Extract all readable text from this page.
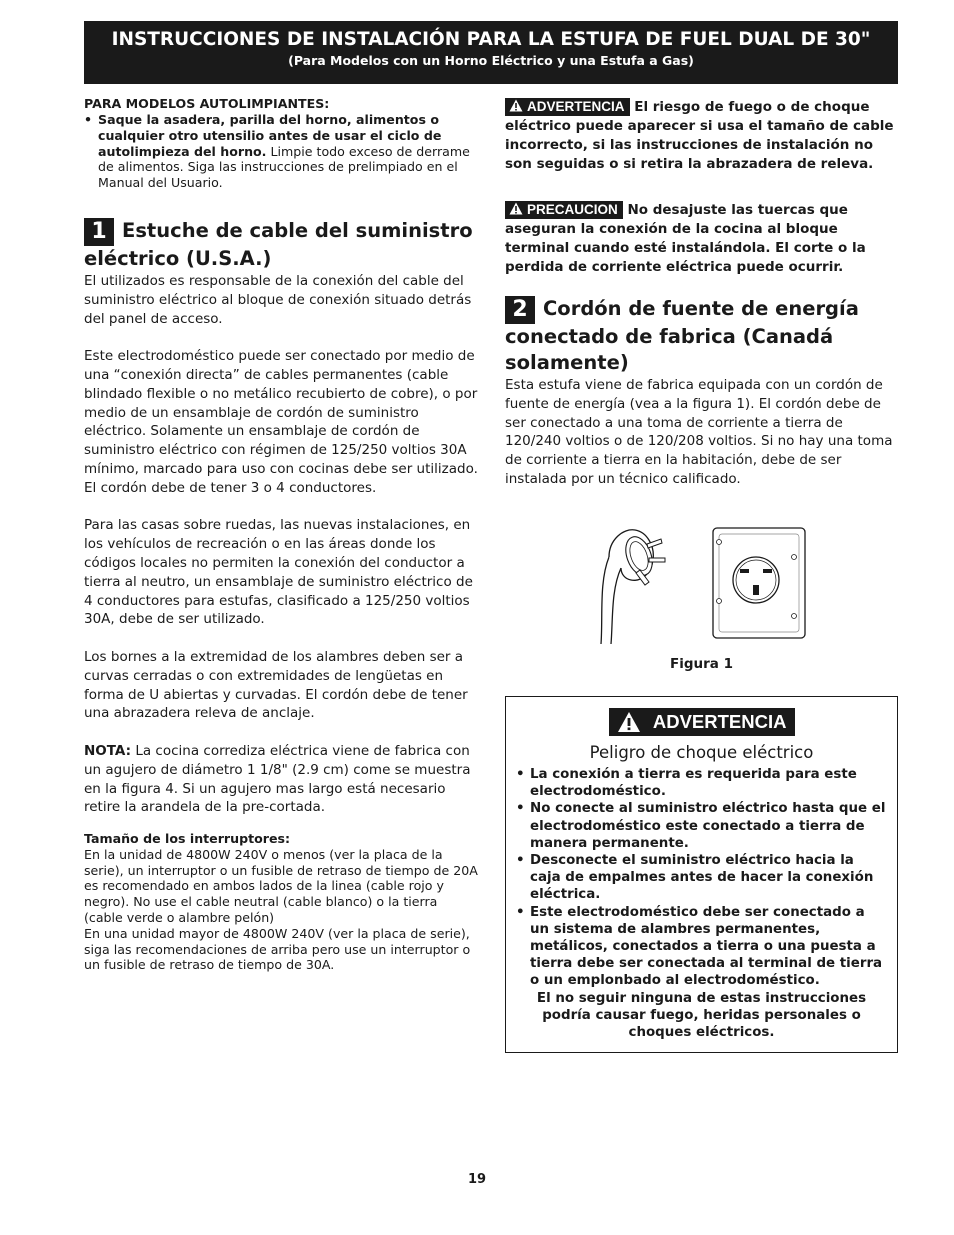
INSTRUCCIONES DE INSTALACIÓN PARA LA ESTUFA DE FUEL DUAL DE 30"
(Para Modelos con un Horno Eléctrico y una Estufa a Gas)
PARA MODELOS AUTOLIMPIANTES:
• Saque la asadera, parilla del horno, alimentos o cualquier otro utensilio antes de usar el ciclo de autolimpieza del horno. Limpie todo exceso de derrame de alimentos. Siga las instrucciones de prelimpiado en el Manual del Usuario.
1 Estuche de cable del suministro eléctrico (U.S.A.)

El utilizados es responsable de la conexión del cable del suministro eléctrico al bloque de conexión situado detrás del panel de acceso.

Este electrodoméstico puede ser conectado por medio de una “conexión directa” de cables permanentes (cable blindado flexible o no metálico recubierto de cobre), o por medio de un ensamblaje de cordón de suministro eléctrico. Solamente un ensamblaje de cordón de suministro eléctrico con régimen de 125/250 voltios 30A mínimo, marcado para uso con cocinas debe ser utilizado. El cordón debe de tener 3 o 4 conductores.

Para las casas sobre ruedas, las nuevas instalaciones, en los vehículos de recreación o en las áreas donde los códigos locales no permiten la conexión del conductor a tierra al neutro, un ensamblaje de suministro eléctrico de 4 conductores para estufas, clasificado a 125/250 voltios 30A, debe de ser utilizado.

Los bornes a la extremidad de los alambres deben ser a curvas cerradas o con extremidades de lengüetas en forma de U abiertas y curvadas. El cordón debe de tener una abrazadera releva de anclaje.

NOTA: La cocina corrediza eléctrica viene de fabrica con un agujero de diámetro 1 1/8" (2.9 cm) come se muestra en la figura 4. Si un agujero mas largo está necesario retire la arandela de la pre-cortada.

Tamaño de los interruptores:
En la unidad de 4800W 240V o menos (ver la placa de la serie), un interruptor o un fusible de retraso de tiempo de 20A es recomendado en ambos lados de la linea (cable rojo y negro). No use el cable neutral (cable blanco) o la tierra (cable verde o alambre pelón)
En una unidad mayor de 4800W 240V (ver la placa de serie), siga las recomendaciones de arriba pero use un interruptor o un fusible de retraso de tiempo de 30A.

ADVERTENCIA El riesgo de fuego o de choque eléctrico puede aparecer si usa el tamaño de cable incorrecto, si las instrucciones de instalación no son seguidas o si retira la abrazadera de releva.

PRECAUCION No desajuste las tuercas que aseguran la conexión de la cocina al bloque terminal cuando esté instalándola. El corte o la perdida de corriente eléctrica puede ocurrir.

2 Cordón de fuente de energía conectado de fabrica (Canadá solamente)

Esta estufa viene de fabrica equipada con un cordón de fuente de energía (vea a la figura 1). El cordón debe de ser conectado a una toma de corriente a tierra de 120/240 voltios o de 120/208 voltios. Si no hay una toma de corriente a tierra en la habitación, debe de ser instalada por un técnico calificado.

Figura 1
ADVERTENCIA
Peligro de choque eléctrico
• La conexión a tierra es requerida para este electrodoméstico.
• No conecte al suministro eléctrico hasta que el electrodoméstico este conectado a tierra de manera permanente.
• Desconecte el suministro eléctrico hacia la caja de empalmes antes de hacer la conexión eléctrica.
• Este electrodoméstico debe ser conectado a un sistema de alambres permanentes, metálicos, conectados a tierra o una puesta a tierra debe ser conectada al terminal de tierra o un emplonbado al electrodoméstico.
El no seguir ninguna de estas instrucciones podría causar fuego, heridas personales o choques eléctricos.
19
